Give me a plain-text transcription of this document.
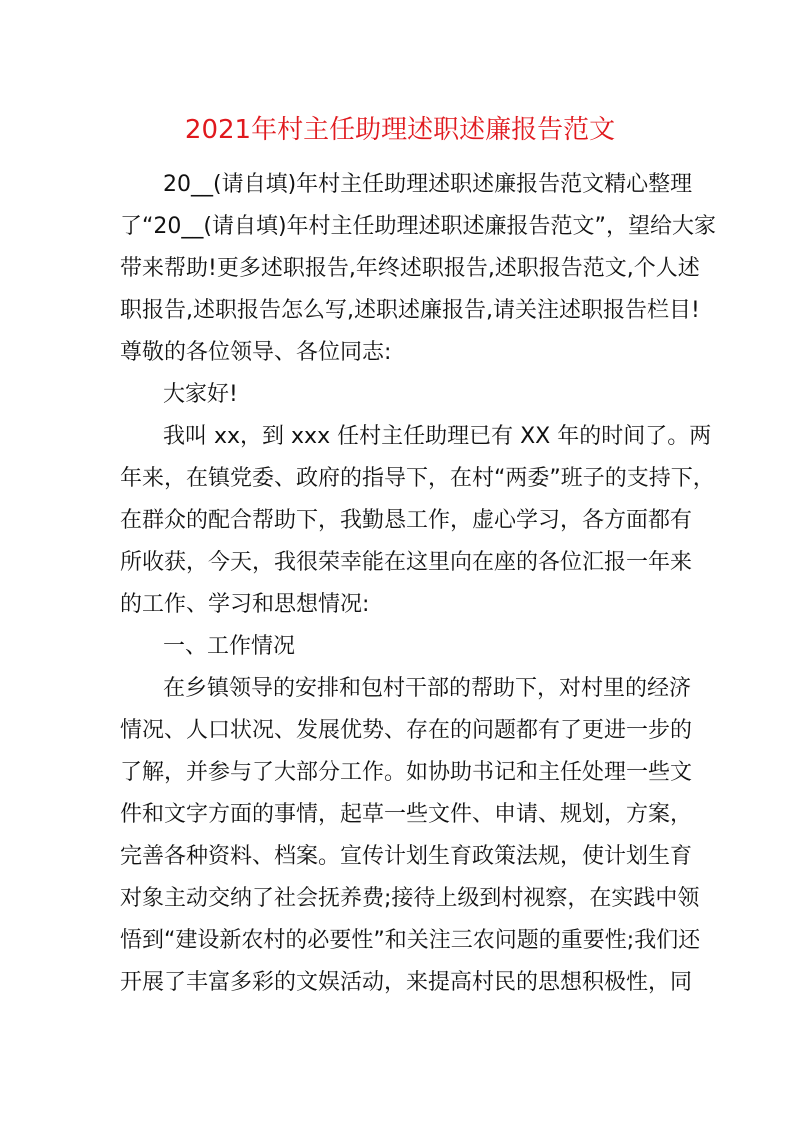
2021年村主任助理述职述廉报告范文
20__(请自填)年村主任助理述职述廉报告范文精心整理
了“20__(请自填)年村主任助理述职述廉报告范文”，望给大家
带来帮助!更多述职报告,年终述职报告,述职报告范文,个人述
职报告,述职报告怎么写,述职述廉报告,请关注述职报告栏目!
尊敬的各位领导、各位同志:
大家好!
我叫 xx，到 xxx 任村主任助理已有 XX 年的时间了。两
年来，在镇党委、政府的指导下，在村“两委”班子的支持下，
在群众的配合帮助下，我勤恳工作，虚心学习，各方面都有
所收获，今天，我很荣幸能在这里向在座的各位汇报一年来
的工作、学习和思想情况:
一、工作情况
在乡镇领导的安排和包村干部的帮助下，对村里的经济
情况、人口状况、发展优势、存在的问题都有了更进一步的
了解，并参与了大部分工作。如协助书记和主任处理一些文
件和文字方面的事情，起草一些文件、申请、规划，方案，
完善各种资料、档案。宣传计划生育政策法规，使计划生育
对象主动交纳了社会抚养费;接待上级到村视察，在实践中领
悟到“建设新农村的必要性”和关注三农问题的重要性;我们还
开展了丰富多彩的文娱活动，来提高村民的思想积极性，同
